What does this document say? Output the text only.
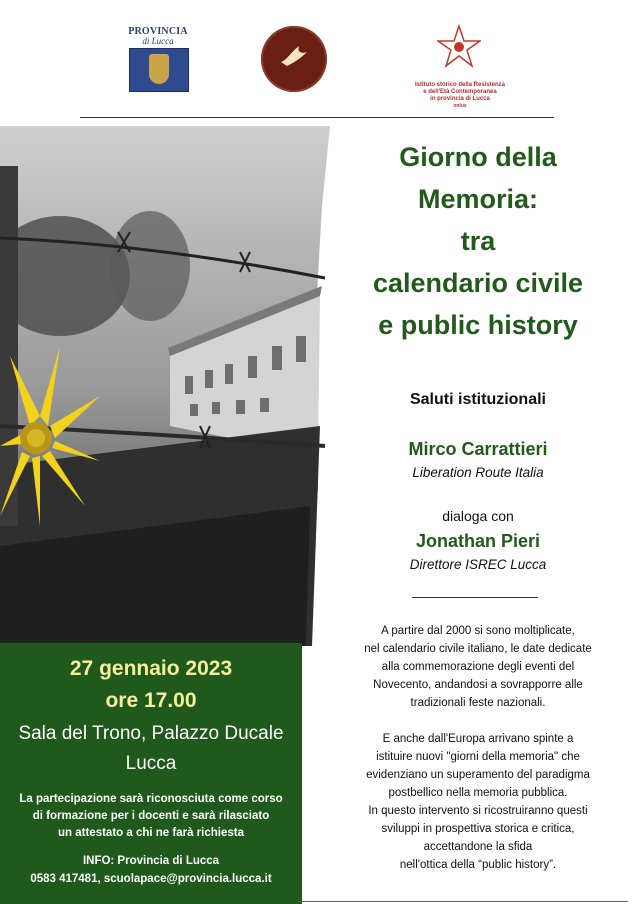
PROVINCIA
di Lucca
Istituto storico della Resistenza
e dell'Età Contemporanea
in provincia di Lucca
onlus
27 gennaio 2023
ore 17.00
Sala del Trono, Palazzo Ducale
Lucca
La partecipazione sarà riconosciuta come corso
di formazione per i docenti e sarà rilasciato
un attestato a chi ne farà richiesta
INFO: Provincia di Lucca
0583 417481, scuolapace@provincia.lucca.it
Giorno della
Memoria:
tra
calendario civile
e public history
Saluti istituzionali
Mirco Carrattieri
Liberation Route Italia
dialoga con
Jonathan Pieri
Direttore ISREC Lucca
A partire dal 2000 si sono moltiplicate,
nel calendario civile italiano, le date dedicate
alla commemorazione degli eventi del
Novecento, andandosi a sovrapporre alle
tradizionali feste nazionali.
E anche dall'Europa arrivano spinte a
istituire nuovi "giorni della memoria" che
evidenziano un superamento del paradigma
postbellico nella memoria pubblica.
In questo intervento si ricostruiranno questi
sviluppi in prospettiva storica e critica,
accettandone la sfida
nell'ottica della “public history”.
